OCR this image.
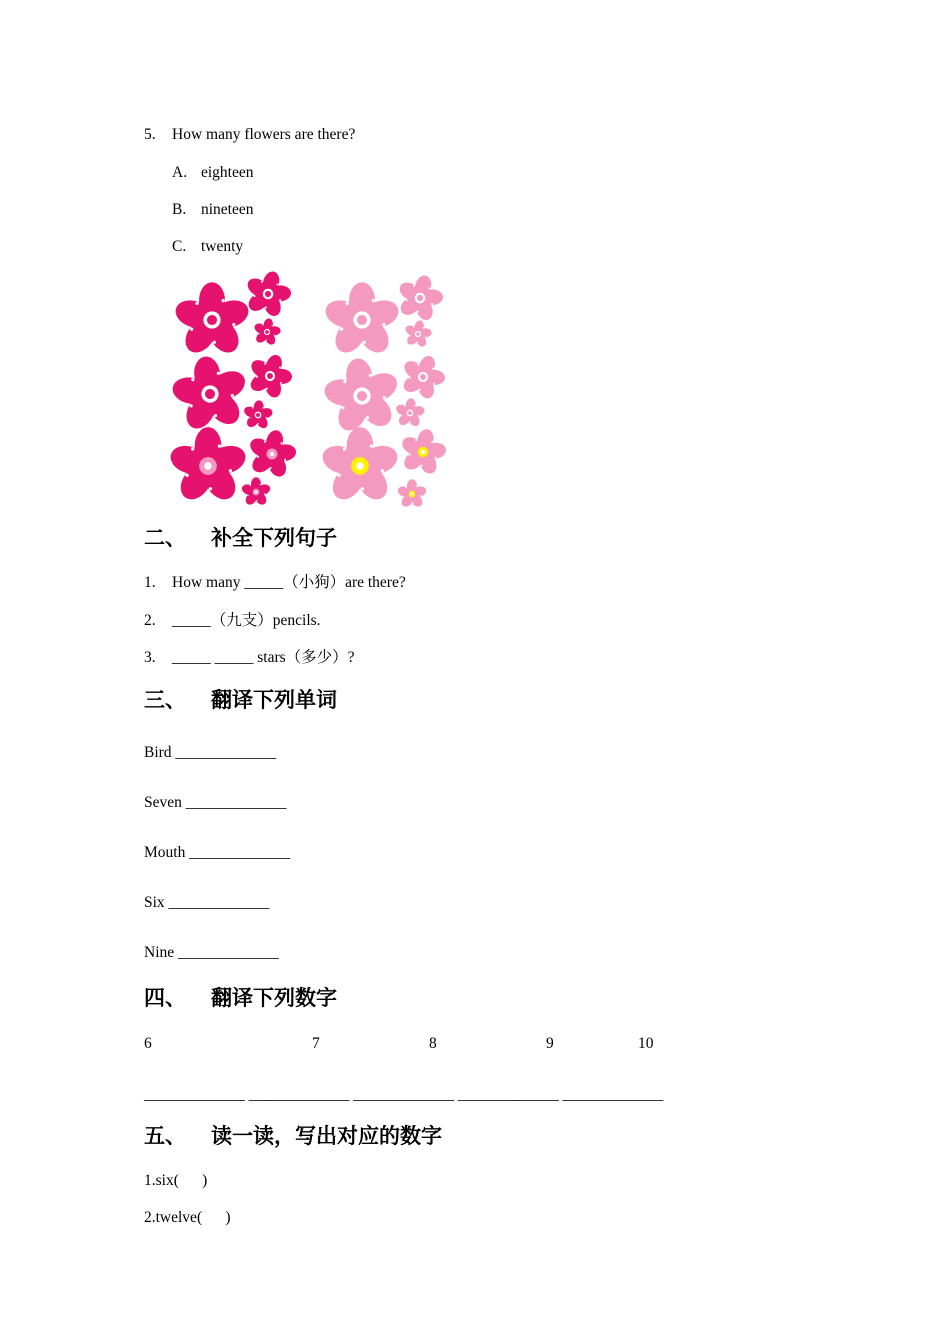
5. How many flowers are there?
A. eighteen
B. nineteen
C. twenty
二、 补全下列句子
1. How many _____（小狗）are there?
2. _____（九支）pencils.
3. _____ _____ stars（多少）?
三、 翻译下列单词
Bird _____________
Seven _____________
Mouth _____________
Six _____________
Nine _____________
四、 翻译下列数字
6	7	8	9	10
_____________ _____________ _____________ _____________ _____________
五、 读一读，写出对应的数字
1.six(      )
2.twelve(      )
